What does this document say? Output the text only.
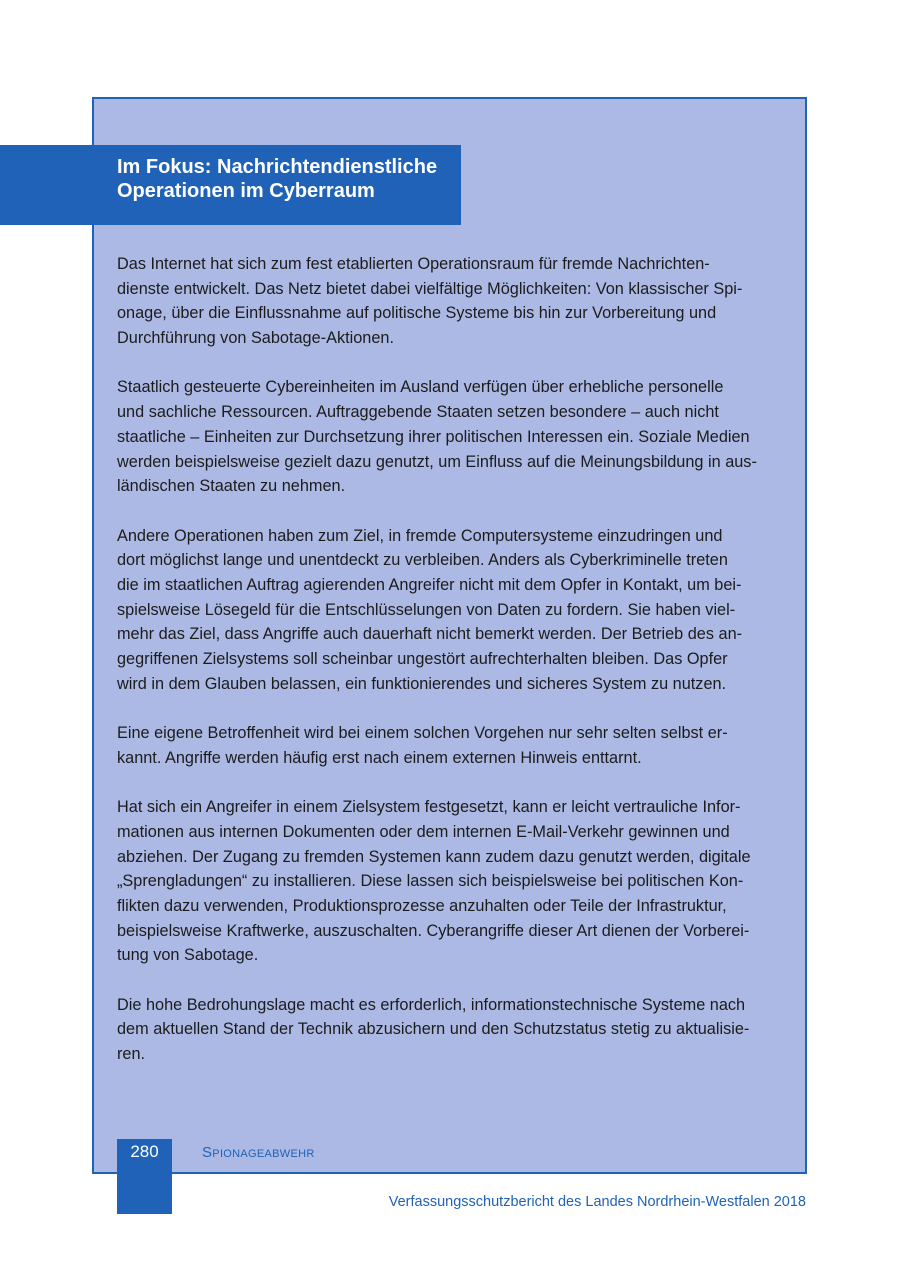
Im Fokus: Nachrichtendienstliche
Operationen im Cyberraum
Das Internet hat sich zum fest etablierten Operationsraum für fremde Nachrichten-
dienste entwickelt. Das Netz bietet dabei vielfältige Möglichkeiten: Von klassischer Spi-
onage, über die Einflussnahme auf politische Systeme bis hin zur Vorbereitung und
Durchführung von Sabotage-Aktionen.
Staatlich gesteuerte Cybereinheiten im Ausland verfügen über erhebliche personelle
und sachliche Ressourcen. Auftraggebende Staaten setzen besondere – auch nicht
staatliche – Einheiten zur Durchsetzung ihrer politischen Interessen ein. Soziale Medien
werden beispielsweise gezielt dazu genutzt, um Einfluss auf die Meinungsbildung in aus-
ländischen Staaten zu nehmen.
Andere Operationen haben zum Ziel, in fremde Computersysteme einzudringen und
dort möglichst lange und unentdeckt zu verbleiben. Anders als Cyberkriminelle treten
die im staatlichen Auftrag agierenden Angreifer nicht mit dem Opfer in Kontakt, um bei-
spielsweise Lösegeld für die Entschlüsselungen von Daten zu fordern. Sie haben viel-
mehr das Ziel, dass Angriffe auch dauerhaft nicht bemerkt werden. Der Betrieb des an-
gegriffenen Zielsystems soll scheinbar ungestört aufrechterhalten bleiben. Das Opfer
wird in dem Glauben belassen, ein funktionierendes und sicheres System zu nutzen.
Eine eigene Betroffenheit wird bei einem solchen Vorgehen nur sehr selten selbst er-
kannt. Angriffe werden häufig erst nach einem externen Hinweis enttarnt.
Hat sich ein Angreifer in einem Zielsystem festgesetzt, kann er leicht vertrauliche Infor-
mationen aus internen Dokumenten oder dem internen E-Mail-Verkehr gewinnen und
abziehen. Der Zugang zu fremden Systemen kann zudem dazu genutzt werden, digitale
„Sprengladungen“ zu installieren. Diese lassen sich beispielsweise bei politischen Kon-
flikten dazu verwenden, Produktionsprozesse anzuhalten oder Teile der Infrastruktur,
beispielsweise Kraftwerke, auszuschalten. Cyberangriffe dieser Art dienen der Vorberei-
tung von Sabotage.
Die hohe Bedrohungslage macht es erforderlich, informationstechnische Systeme nach
dem aktuellen Stand der Technik abzusichern und den Schutzstatus stetig zu aktualisie-
ren.
280	Spionageabwehr
Verfassungsschutzbericht des Landes Nordrhein-Westfalen 2018
